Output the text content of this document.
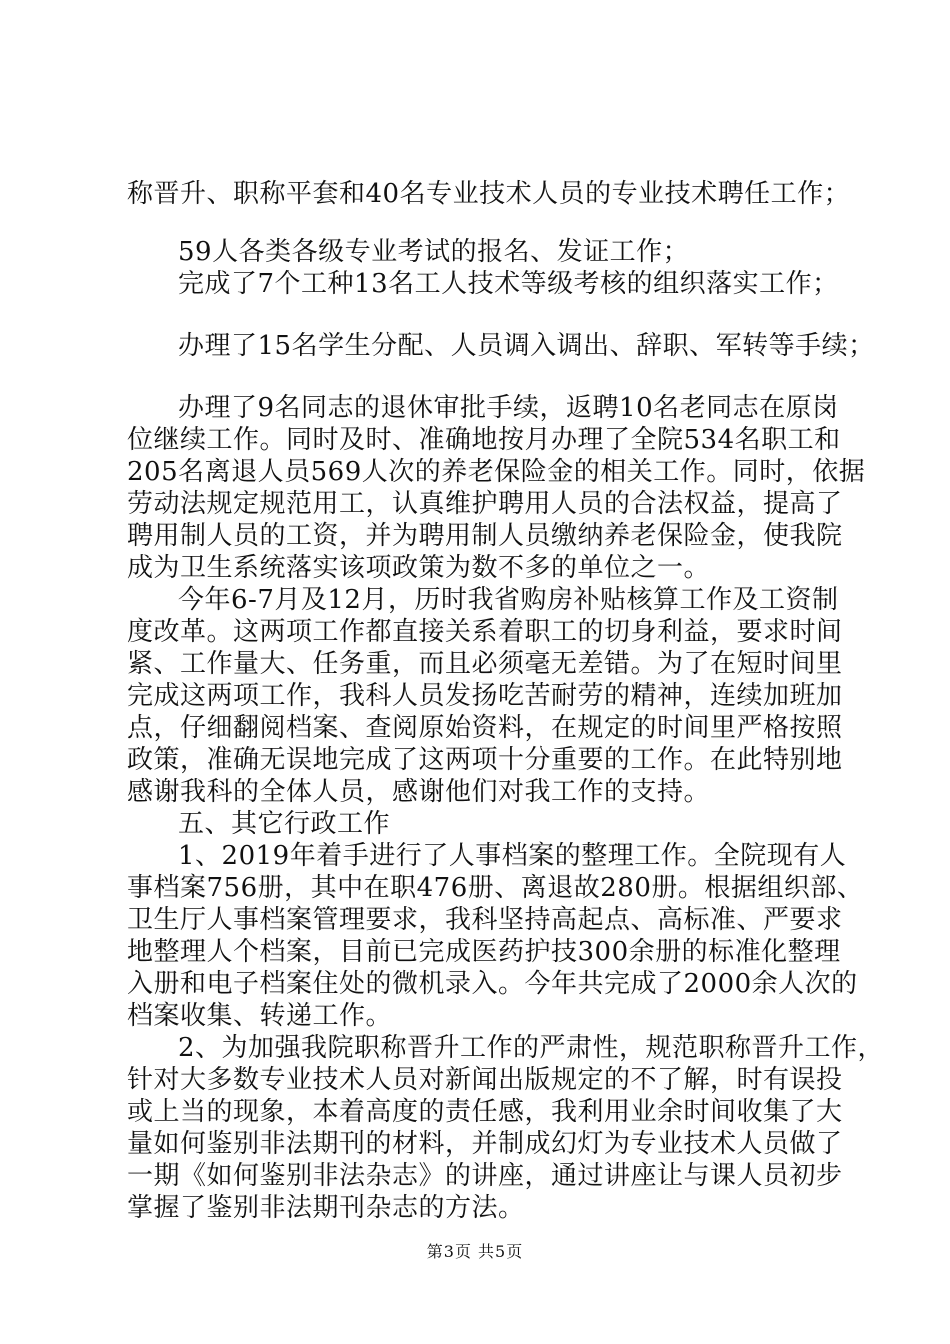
称晋升、职称平套和40名专业技术人员的专业技术聘任工作；
59人各类各级专业考试的报名、发证工作；
完成了7个工种13名工人技术等级考核的组织落实工作；
办理了15名学生分配、人员调入调出、辞职、军转等手续；
办理了9名同志的退休审批手续，返聘10名老同志在原岗
位继续工作。同时及时、准确地按月办理了全院534名职工和
205名离退人员569人次的养老保险金的相关工作。同时，依据
劳动法规定规范用工，认真维护聘用人员的合法权益，提高了
聘用制人员的工资，并为聘用制人员缴纳养老保险金，使我院
成为卫生系统落实该项政策为数不多的单位之一。
今年6-7月及12月，历时我省购房补贴核算工作及工资制
度改革。这两项工作都直接关系着职工的切身利益，要求时间
紧、工作量大、任务重，而且必须毫无差错。为了在短时间里
完成这两项工作，我科人员发扬吃苦耐劳的精神，连续加班加
点，仔细翻阅档案、查阅原始资料，在规定的时间里严格按照
政策，准确无误地完成了这两项十分重要的工作。在此特别地
感谢我科的全体人员，感谢他们对我工作的支持。
五、其它行政工作
1、2019年着手进行了人事档案的整理工作。全院现有人
事档案756册，其中在职476册、离退故280册。根据组织部、
卫生厅人事档案管理要求，我科坚持高起点、高标准、严要求
地整理人个档案，目前已完成医药护技300余册的标准化整理
入册和电子档案住处的微机录入。今年共完成了2000余人次的
档案收集、转递工作。
2、为加强我院职称晋升工作的严肃性，规范职称晋升工作，
针对大多数专业技术人员对新闻出版规定的不了解，时有误投
或上当的现象，本着高度的责任感，我利用业余时间收集了大
量如何鉴别非法期刊的材料，并制成幻灯为专业技术人员做了
一期《如何鉴别非法杂志》的讲座，通过讲座让与课人员初步
掌握了鉴别非法期刊杂志的方法。
第3页 共5页
